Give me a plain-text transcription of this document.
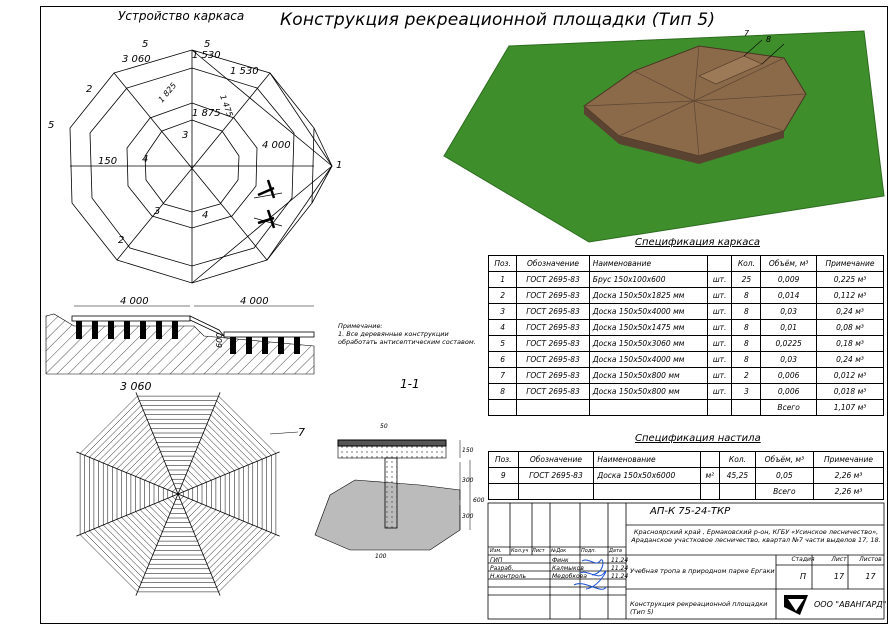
Устройство каркаса Конструкция рекреационной площадки (Тип 5)
5
3 060
5
1 530
1 530
2
1 875
4 000
3
4
150	1
5
2
3	4
1 825
1 475
4 000	4 000
600
Примечание:
1. Все деревянные конструкции обработать антисептическим составом.
3 060
7
1-1
50
150
600
300
300
100
7
8
Спецификация каркаса
Поз.	Обозначение	Наименование		Кол.	Объём, м³	Примечание
1	ГОСТ 2695-83	Брус 150х100х600	шт.	25	0,009	0,225 м³
2	ГОСТ 2695-83	Доска 150х50х1825 мм	шт.	8	0,014	0,112 м³
3	ГОСТ 2695-83	Доска 150х50х4000 мм	шт.	8	0,03	0,24 м³
4	ГОСТ 2695-83	Доска 150х50х1475 мм	шт.	8	0,01	0,08 м³
5	ГОСТ 2695-83	Доска 150х50х3060 мм	шт.	8	0,0225	0,18 м³
6	ГОСТ 2695-83	Доска 150х50х4000 мм	шт.	8	0,03	0,24 м³
7	ГОСТ 2695-83	Доска 150х50х800 мм	шт.	2	0,006	0,012 м³
8	ГОСТ 2695-83	Доска 150х50х800 мм	шт.	3	0,006	0,018 м³
					Всего	1,107 м³
Спецификация настила
Поз.	Обозначение	Наименование		Кол.	Объём, м³	Примечание
9	ГОСТ 2695-83	Доска 150х50х6000	м²	45,25	0,05	2,26 м³
					Всего	2,26 м³
АП-К 75-24-ТКР
Красноярский край , Ермаковский р-он, КГБУ «Усинское лесничество», Араданское участковое лесничество, квартал №7 части выделов 17, 18.
Учебная тропа в природном парке Ергаки
Конструкция рекреационной площадки (Тип 5)
Стадия	Лист	Листов
П	17	17
ООО "АВАНГАРД"
Изм. Кол.уч Лист №Док	Подп.	Дата
ГИП	Финк	11.24
Разраб.	Калмыков	11.24
Н.контроль	Медобкова	11.24
